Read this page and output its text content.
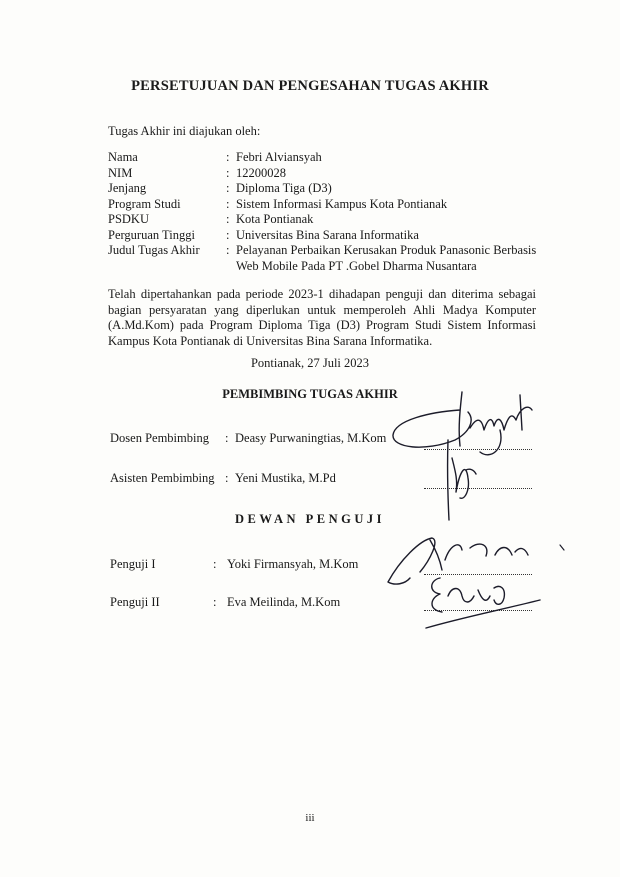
PERSETUJUAN DAN PENGESAHAN TUGAS AKHIR
Tugas Akhir ini diajukan oleh:
Nama	: Febri Alviansyah
NIM	: 12200028
Jenjang	: Diploma Tiga (D3)
Program Studi	: Sistem Informasi Kampus Kota Pontianak
PSDKU	: Kota Pontianak
Perguruan Tinggi	: Universitas Bina Sarana Informatika
Judul Tugas Akhir	: Pelayanan Perbaikan Kerusakan Produk Panasonic Berbasis Web Mobile Pada PT .Gobel Dharma Nusantara
Telah dipertahankan pada periode 2023-1 dihadapan penguji dan diterima sebagai bagian persyaratan yang diperlukan untuk memperoleh Ahli Madya Komputer (A.Md.Kom) pada Program Diploma Tiga (D3) Program Studi Sistem Informasi Kampus Kota Pontianak di Universitas Bina Sarana Informatika.
Pontianak, 27 Juli 2023
PEMBIMBING TUGAS AKHIR
Dosen Pembimbing	: Deasy Purwaningtias, M.Kom
Asisten Pembimbing : Yeni Mustika, M.Pd
DEWAN PENGUJI
Penguji I	: Yoki Firmansyah, M.Kom
Penguji II	: Eva Meilinda, M.Kom
iii
